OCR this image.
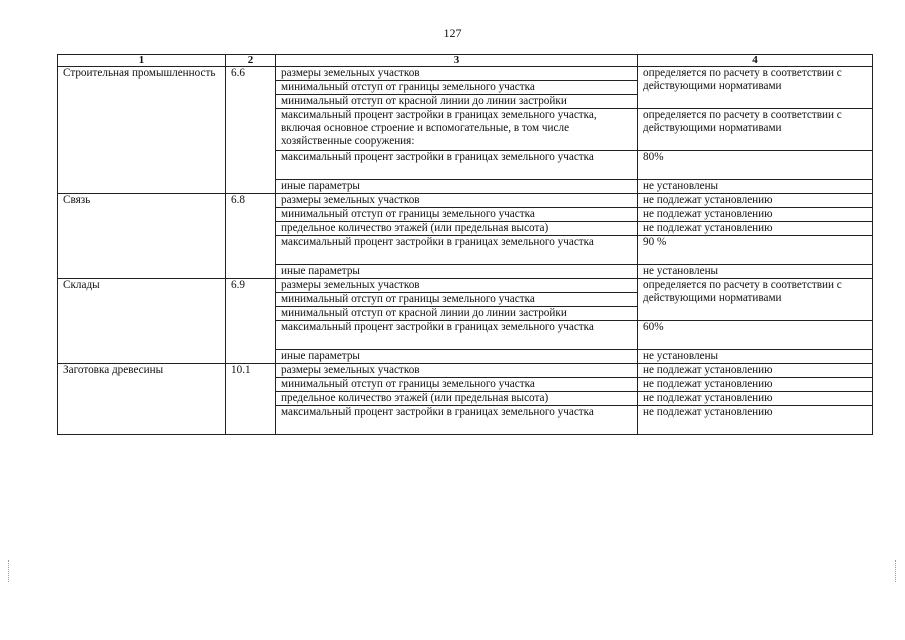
127
1	2	3	4
Строительная промышленность	6.6	размеры земельных участков	определяется по расчету в соответствии с действующими нормативами
		минимальный отступ от границы земельного участка	
		минимальный отступ от красной линии до линии застройки	
		максимальный процент застройки в границах земельного участка, включая основное строение и вспомогательные, в том числе хозяйственные сооружения:	определяется по расчету в соответствии с действующими нормативами
		максимальный процент застройки в границах земельного участка	80%
		иные параметры	не установлены
Связь	6.8	размеры земельных участков	не подлежат установлению
		минимальный отступ от границы земельного участка	не подлежат установлению
		предельное количество этажей (или предельная высота)	не подлежат установлению
		максимальный процент застройки в границах земельного участка	90 %
		иные параметры	не установлены
Склады	6.9	размеры земельных участков	определяется по расчету в соответствии с действующими нормативами
		минимальный отступ от границы земельного участка	
		минимальный отступ от красной линии до линии застройки	
		максимальный процент застройки в границах земельного участка	60%
		иные параметры	не установлены
Заготовка древесины	10.1	размеры земельных участков	не подлежат установлению
		минимальный отступ от границы земельного участка	не подлежат установлению
		предельное количество этажей (или предельная высота)	не подлежат установлению
		максимальный процент застройки в границах земельного участка	не подлежат установлению
